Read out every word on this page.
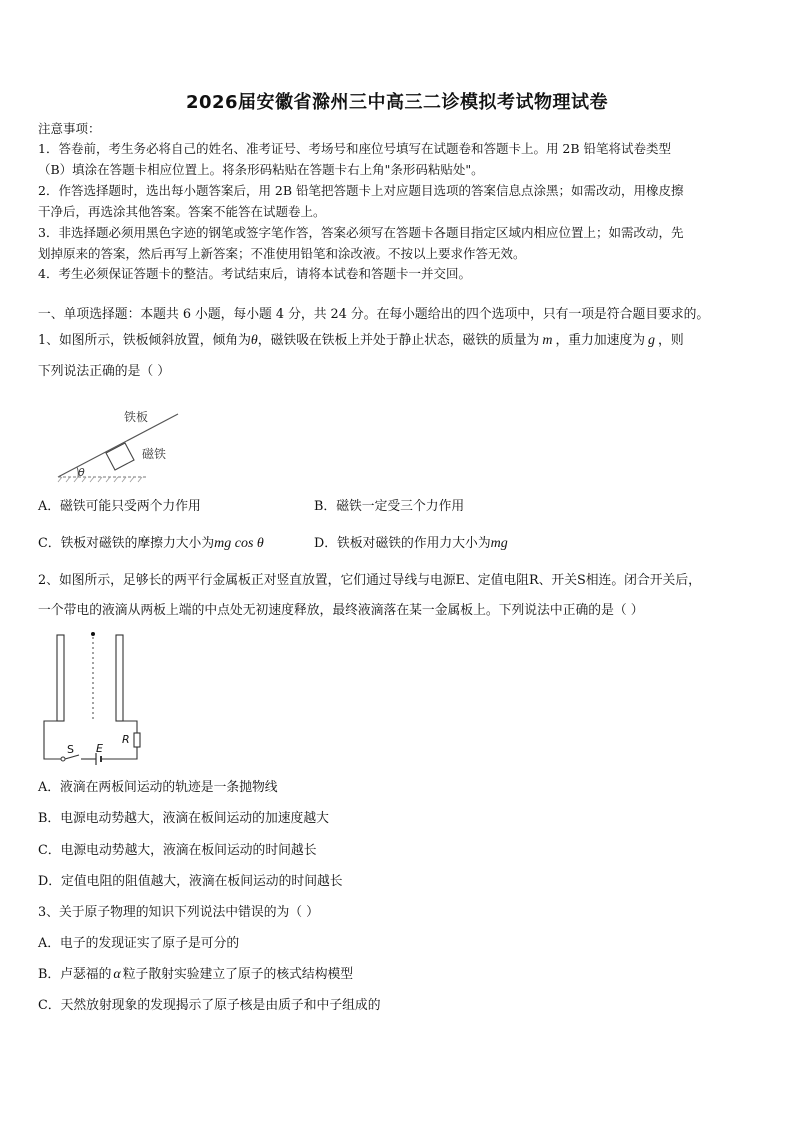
2026届安徽省滁州三中高三二诊模拟考试物理试卷
注意事项：
1．答卷前，考生务必将自己的姓名、准考证号、考场号和座位号填写在试题卷和答题卡上。用 2B 铅笔将试卷类型
（B）填涂在答题卡相应位置上。将条形码粘贴在答题卡右上角"条形码粘贴处"。
2．作答选择题时，选出每小题答案后，用 2B 铅笔把答题卡上对应题目选项的答案信息点涂黑；如需改动，用橡皮擦
干净后，再选涂其他答案。答案不能答在试题卷上。
3．非选择题必须用黑色字迹的钢笔或签字笔作答，答案必须写在答题卡各题目指定区域内相应位置上；如需改动，先
划掉原来的答案，然后再写上新答案；不准使用铅笔和涂改液。不按以上要求作答无效。
4．考生必须保证答题卡的整洁。考试结束后，请将本试卷和答题卡一并交回。
一、单项选择题：本题共 6 小题，每小题 4 分，共 24 分。在每小题给出的四个选项中，只有一项是符合题目要求的。
1、如图所示，铁板倾斜放置，倾角为θ，磁铁吸在铁板上并处于静止状态，磁铁的质量为 m ，重力加速度为 g ，则
下列说法正确的是（ ）
铁板
磁铁
θ
A．磁铁可能只受两个力作用	B．磁铁一定受三个力作用
C．铁板对磁铁的摩擦力大小为mg cos θ	D．铁板对磁铁的作用力大小为mg
2、如图所示，足够长的两平行金属板正对竖直放置，它们通过导线与电源E、定值电阻R、开关S相连。闭合开关后，
一个带电的液滴从两板上端的中点处无初速度释放，最终液滴落在某一金属板上。下列说法中正确的是（ ）
S E
R
A．液滴在两板间运动的轨迹是一条抛物线
B．电源电动势越大，液滴在板间运动的加速度越大
C．电源电动势越大，液滴在板间运动的时间越长
D．定值电阻的阻值越大，液滴在板间运动的时间越长
3、关于原子物理的知识下列说法中错误的为（ ）
A．电子的发现证实了原子是可分的
B．卢瑟福的 α 粒子散射实验建立了原子的核式结构模型
C．天然放射现象的发现揭示了原子核是由质子和中子组成的
